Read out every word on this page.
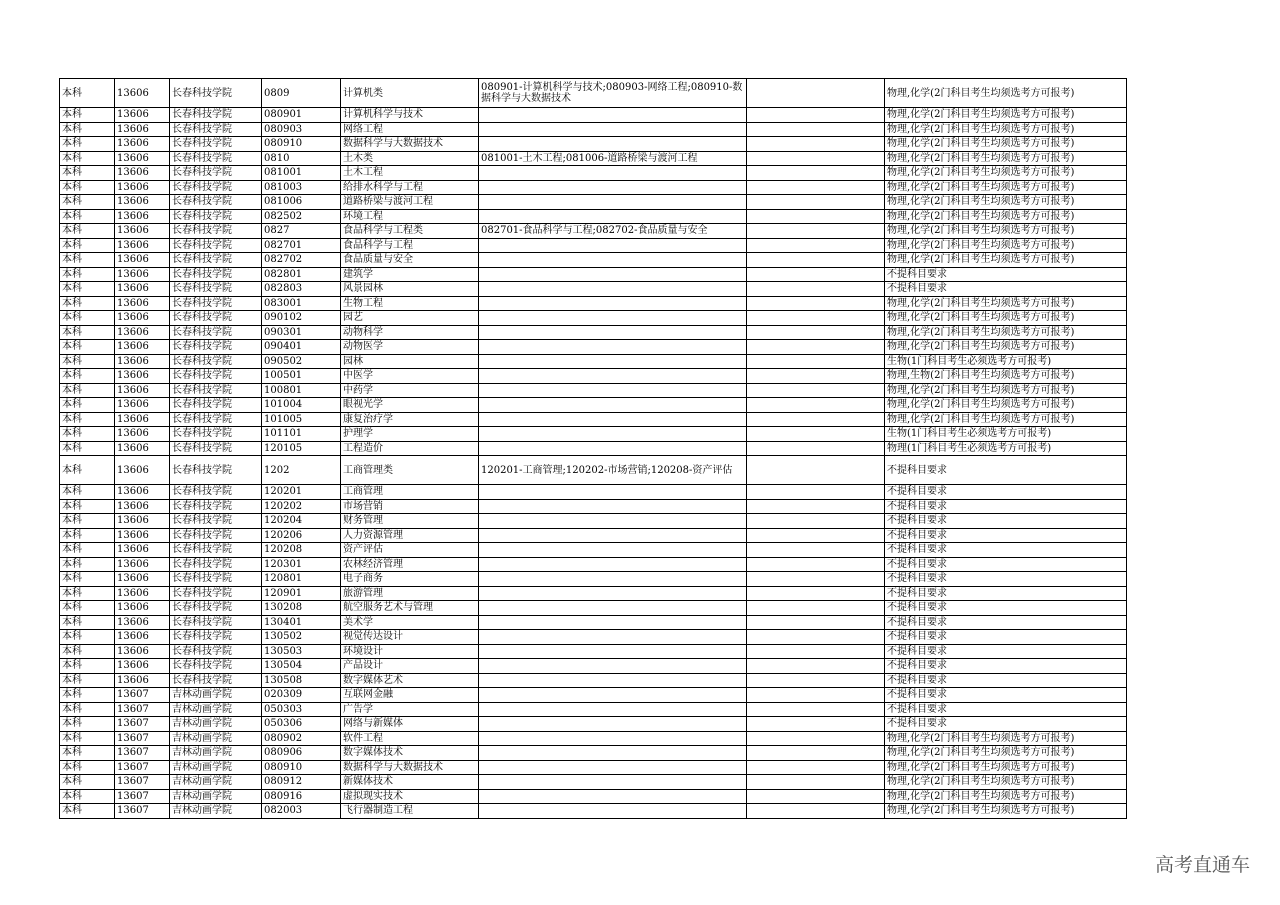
本科	13606	长春科技学院	0809	计算机类	080901-计算机科学与技术;080903-网络工程;080910-数据科学与大数据技术		物理,化学(2门科目考生均须选考方可报考)
本科	13606	长春科技学院	080901	计算机科学与技术			物理,化学(2门科目考生均须选考方可报考)
本科	13606	长春科技学院	080903	网络工程			物理,化学(2门科目考生均须选考方可报考)
本科	13606	长春科技学院	080910	数据科学与大数据技术			物理,化学(2门科目考生均须选考方可报考)
本科	13606	长春科技学院	0810	土木类	081001-土木工程;081006-道路桥梁与渡河工程		物理,化学(2门科目考生均须选考方可报考)
本科	13606	长春科技学院	081001	土木工程			物理,化学(2门科目考生均须选考方可报考)
本科	13606	长春科技学院	081003	给排水科学与工程			物理,化学(2门科目考生均须选考方可报考)
本科	13606	长春科技学院	081006	道路桥梁与渡河工程			物理,化学(2门科目考生均须选考方可报考)
本科	13606	长春科技学院	082502	环境工程			物理,化学(2门科目考生均须选考方可报考)
本科	13606	长春科技学院	0827	食品科学与工程类	082701-食品科学与工程;082702-食品质量与安全		物理,化学(2门科目考生均须选考方可报考)
本科	13606	长春科技学院	082701	食品科学与工程			物理,化学(2门科目考生均须选考方可报考)
本科	13606	长春科技学院	082702	食品质量与安全			物理,化学(2门科目考生均须选考方可报考)
本科	13606	长春科技学院	082801	建筑学			不提科目要求
本科	13606	长春科技学院	082803	风景园林			不提科目要求
本科	13606	长春科技学院	083001	生物工程			物理,化学(2门科目考生均须选考方可报考)
本科	13606	长春科技学院	090102	园艺			物理,化学(2门科目考生均须选考方可报考)
本科	13606	长春科技学院	090301	动物科学			物理,化学(2门科目考生均须选考方可报考)
本科	13606	长春科技学院	090401	动物医学			物理,化学(2门科目考生均须选考方可报考)
本科	13606	长春科技学院	090502	园林			生物(1门科目考生必须选考方可报考)
本科	13606	长春科技学院	100501	中医学			物理,生物(2门科目考生均须选考方可报考)
本科	13606	长春科技学院	100801	中药学			物理,化学(2门科目考生均须选考方可报考)
本科	13606	长春科技学院	101004	眼视光学			物理,化学(2门科目考生均须选考方可报考)
本科	13606	长春科技学院	101005	康复治疗学			物理,化学(2门科目考生均须选考方可报考)
本科	13606	长春科技学院	101101	护理学			生物(1门科目考生必须选考方可报考)
本科	13606	长春科技学院	120105	工程造价			物理(1门科目考生必须选考方可报考)
本科	13606	长春科技学院	1202	工商管理类	120201-工商管理;120202-市场营销;120208-资产评估		不提科目要求
本科	13606	长春科技学院	120201	工商管理			不提科目要求
本科	13606	长春科技学院	120202	市场营销			不提科目要求
本科	13606	长春科技学院	120204	财务管理			不提科目要求
本科	13606	长春科技学院	120206	人力资源管理			不提科目要求
本科	13606	长春科技学院	120208	资产评估			不提科目要求
本科	13606	长春科技学院	120301	农林经济管理			不提科目要求
本科	13606	长春科技学院	120801	电子商务			不提科目要求
本科	13606	长春科技学院	120901	旅游管理			不提科目要求
本科	13606	长春科技学院	130208	航空服务艺术与管理			不提科目要求
本科	13606	长春科技学院	130401	美术学			不提科目要求
本科	13606	长春科技学院	130502	视觉传达设计			不提科目要求
本科	13606	长春科技学院	130503	环境设计			不提科目要求
本科	13606	长春科技学院	130504	产品设计			不提科目要求
本科	13606	长春科技学院	130508	数字媒体艺术			不提科目要求
本科	13607	吉林动画学院	020309	互联网金融			不提科目要求
本科	13607	吉林动画学院	050303	广告学			不提科目要求
本科	13607	吉林动画学院	050306	网络与新媒体			不提科目要求
本科	13607	吉林动画学院	080902	软件工程			物理,化学(2门科目考生均须选考方可报考)
本科	13607	吉林动画学院	080906	数字媒体技术			物理,化学(2门科目考生均须选考方可报考)
本科	13607	吉林动画学院	080910	数据科学与大数据技术			物理,化学(2门科目考生均须选考方可报考)
本科	13607	吉林动画学院	080912	新媒体技术			物理,化学(2门科目考生均须选考方可报考)
本科	13607	吉林动画学院	080916	虚拟现实技术			物理,化学(2门科目考生均须选考方可报考)
本科	13607	吉林动画学院	082003	飞行器制造工程			物理,化学(2门科目考生均须选考方可报考)
高考直通车
